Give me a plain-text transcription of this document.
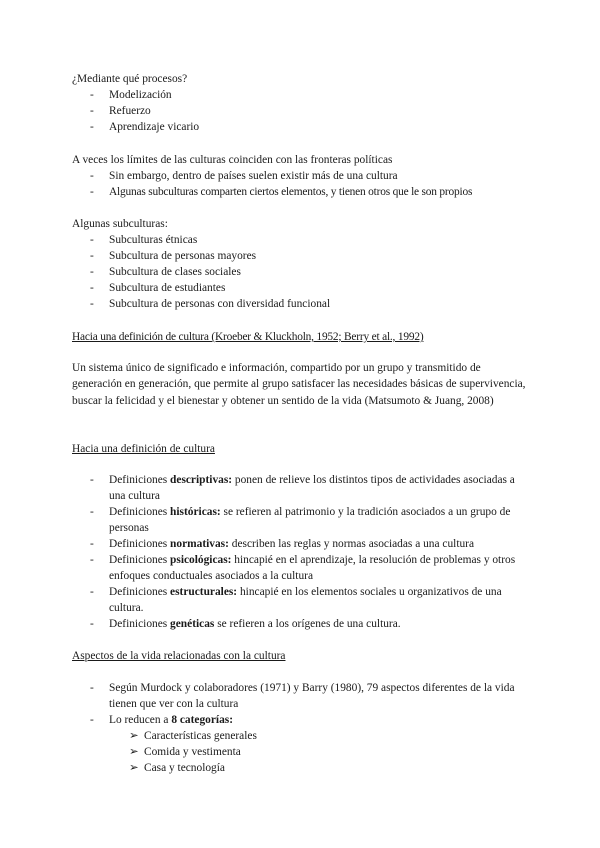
¿Mediante qué procesos?

- Modelización
- Refuerzo
- Aprendizaje vicario

A veces los límites de las culturas coinciden con las fronteras políticas

- Sin embargo, dentro de países suelen existir más de una cultura
- Algunas subculturas comparten ciertos elementos, y tienen otros que le son propios

Algunas subculturas:

- Subculturas étnicas
- Subcultura de personas mayores
- Subcultura de clases sociales
- Subcultura de estudiantes
- Subcultura de personas con diversidad funcional

Hacia una definición de cultura (Kroeber & Kluckholn, 1952; Berry et al., 1992)

Un sistema único de significado e información, compartido por un grupo y transmitido de generación en generación, que permite al grupo satisfacer las necesidades básicas de supervivencia, buscar la felicidad y el bienestar y obtener un sentido de la vida (Matsumoto & Juang, 2008)

Hacia una definición de cultura

- Definiciones descriptivas: ponen de relieve los distintos tipos de actividades asociadas a una cultura
- Definiciones históricas: se refieren al patrimonio y la tradición asociados a un grupo de personas
- Definiciones normativas: describen las reglas y normas asociadas a una cultura
- Definiciones psicológicas: hincapié en el aprendizaje, la resolución de problemas y otros enfoques conductuales asociados a la cultura
- Definiciones estructurales: hincapié en los elementos sociales u organizativos de una cultura.
- Definiciones genéticas se refieren a los orígenes de una cultura.

Aspectos de la vida relacionadas con la cultura

- Según Murdock y colaboradores (1971) y Barry (1980), 79 aspectos diferentes de la vida tienen que ver con la cultura
- Lo reducen a 8 categorías:
➢ Características generales
➢ Comida y vestimenta
➢ Casa y tecnología
